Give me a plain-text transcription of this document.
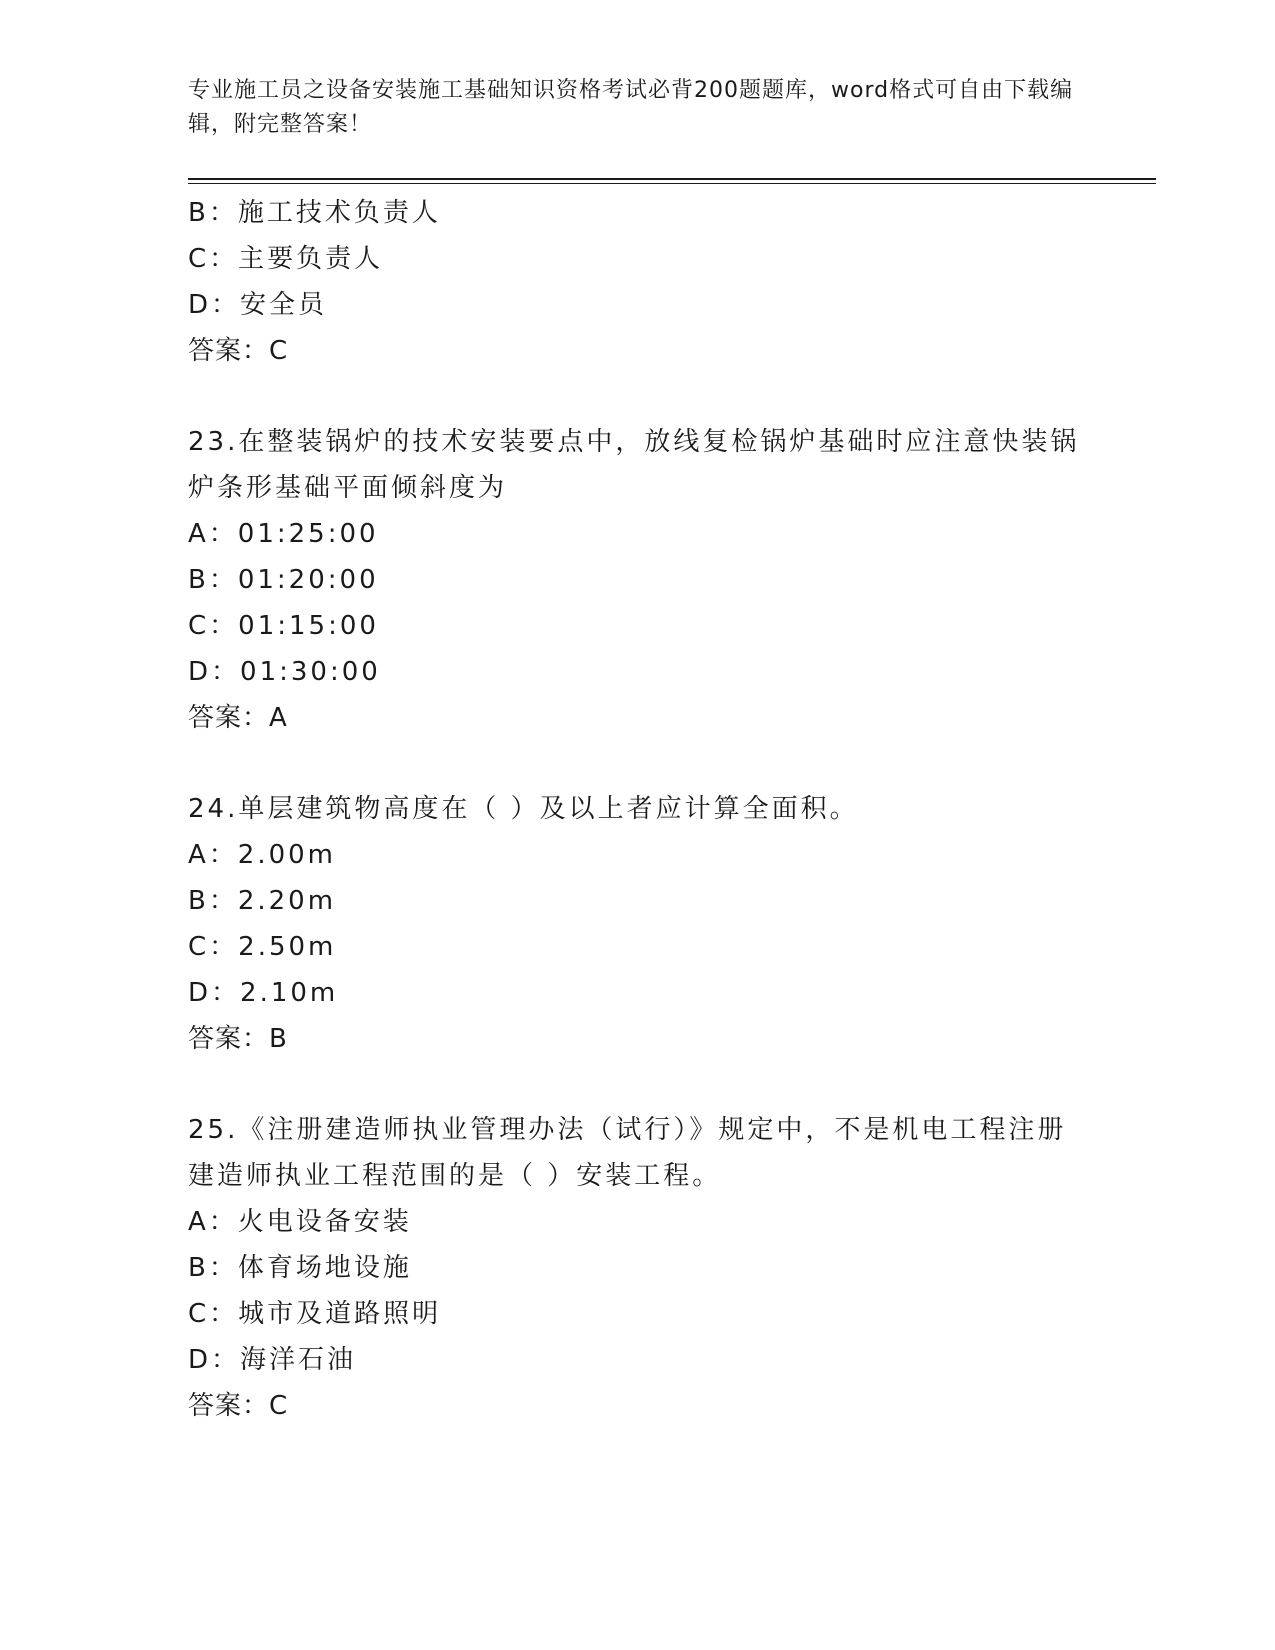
专业施工员之设备安装施工基础知识资格考试必背200题题库，word格式可自由下载编辑，附完整答案！
B：施工技术负责人
C：主要负责人
D：安全员
答案：C
23.在整装锅炉的技术安装要点中，放线复检锅炉基础时应注意快装锅
炉条形基础平面倾斜度为
A：01:25:00
B：01:20:00
C：01:15:00
D：01:30:00
答案：A
24.单层建筑物高度在（ ）及以上者应计算全面积。
A：2.00m
B：2.20m
C：2.50m
D：2.10m
答案：B
25.《注册建造师执业管理办法（试行）》规定中，不是机电工程注册
建造师执业工程范围的是（ ）安装工程。
A：火电设备安装
B：体育场地设施
C：城市及道路照明
D：海洋石油
答案：C
